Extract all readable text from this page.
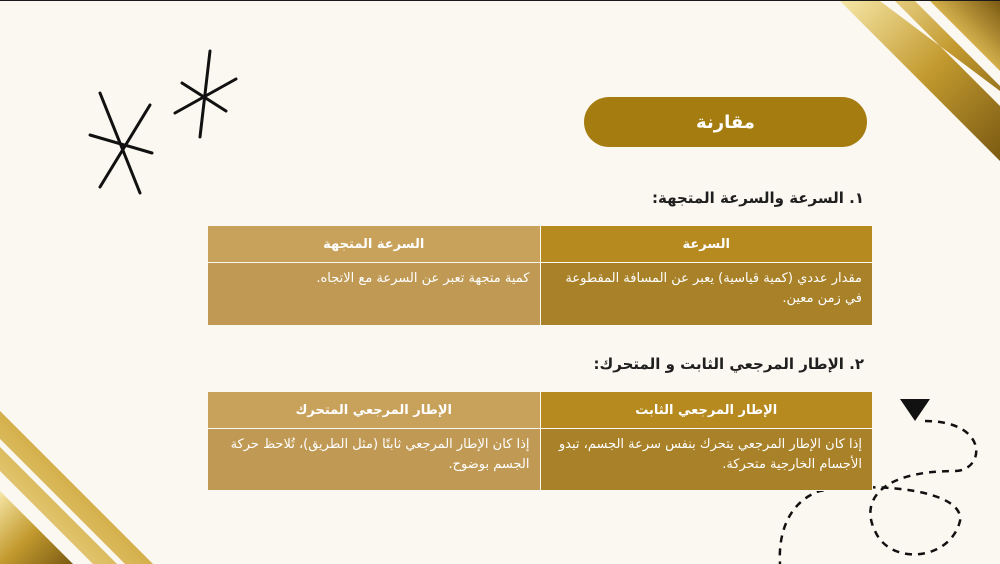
مقارنة
١. السرعة والسرعة المتجهة:
السرعة	السرعة المتجهة
مقدار عددي (كمية قياسية) يعبر عن المسافة المقطوعة في زمن معين.	كمية متجهة تعبر عن السرعة مع الاتجاه.
٢. الإطار المرجعي الثابت و المتحرك:
الإطار المرجعي الثابت	الإطار المرجعي المتحرك
إذا كان الإطار المرجعي يتحرك بنفس سرعة الجسم، تبدو الأجسام الخارجية متحركة.	إذا كان الإطار المرجعي ثابتًا (مثل الطريق)، تُلاحظ حركة الجسم بوضوح.
